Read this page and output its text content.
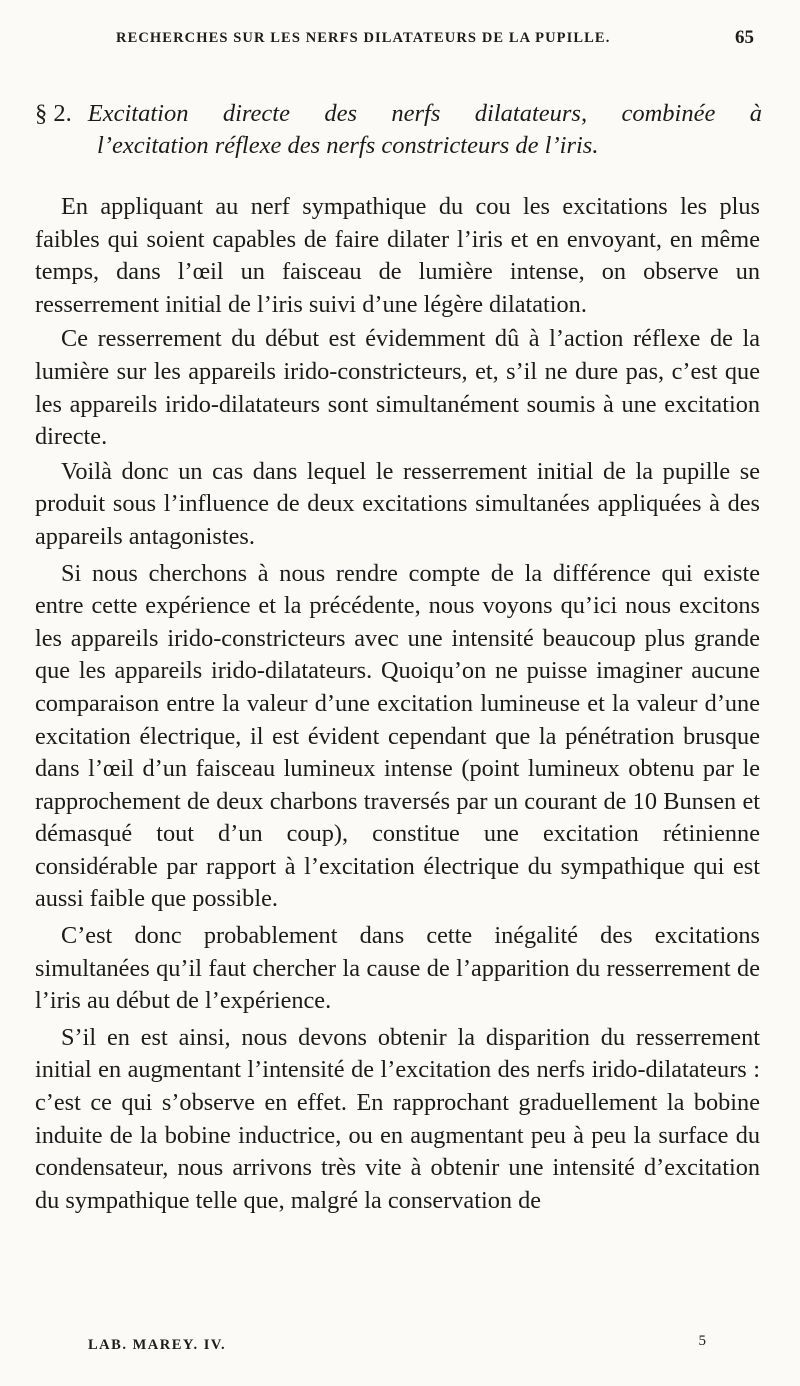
RECHERCHES SUR LES NERFS DILATATEURS DE LA PUPILLE.	65
§ 2. Excitation directe des nerfs dilatateurs, combinée à
l’excitation réflexe des nerfs constricteurs de l’iris.

En appliquant au nerf sympathique du cou les excitations les plus faibles qui soient capables de faire dilater l’iris et en envoyant, en même temps, dans l’œil un faisceau de lumière intense, on observe un resserrement initial de l’iris suivi d’une légère dilatation.

Ce resserrement du début est évidemment dû à l’action réflexe de la lumière sur les appareils irido-constricteurs, et, s’il ne dure pas, c’est que les appareils irido-dilatateurs sont simultanément soumis à une excitation directe.

Voilà donc un cas dans lequel le resserrement initial de la pupille se produit sous l’influence de deux excitations simultanées appliquées à des appareils antagonistes.

Si nous cherchons à nous rendre compte de la différence qui existe entre cette expérience et la précédente, nous voyons qu’ici nous excitons les appareils irido-constricteurs avec une intensité beaucoup plus grande que les appareils irido-dilatateurs. Quoiqu’on ne puisse imaginer aucune comparaison entre la valeur d’une excitation lumineuse et la valeur d’une excitation électrique, il est évident cependant que la pénétration brusque dans l’œil d’un faisceau lumineux intense (point lumineux obtenu par le rapprochement de deux charbons traversés par un courant de 10 Bunsen et démasqué tout d’un coup), constitue une excitation rétinienne considérable par rapport à l’excitation électrique du sympathique qui est aussi faible que possible.

C’est donc probablement dans cette inégalité des excitations simultanées qu’il faut chercher la cause de l’apparition du resserrement de l’iris au début de l’expérience.

S’il en est ainsi, nous devons obtenir la disparition du resserrement initial en augmentant l’intensité de l’excitation des nerfs irido-dilatateurs : c’est ce qui s’observe en effet. En rapprochant graduellement la bobine induite de la bobine inductrice, ou en augmentant peu à peu la surface du condensateur, nous arrivons très vite à obtenir une intensité d’excitation du sympathique telle que, malgré la conservation de

LAB. MAREY. IV.	5
